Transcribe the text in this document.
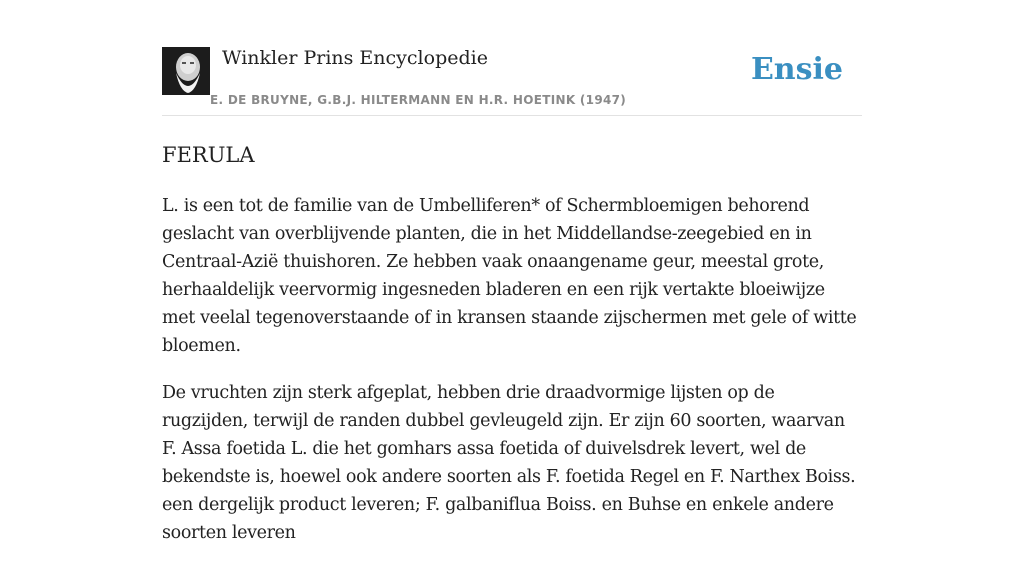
Winkler Prins Encyclopedie
E. DE BRUYNE, G.B.J. HILTERMANN EN H.R. HOETINK (1947)
Ensie
FERULA

L. is een tot de familie van de Umbelliferen* of Schermbloemigen behorend geslacht van overblijvende planten, die in het Middellandse-zeegebied en in Centraal-Azië thuishoren. Ze hebben vaak onaangename geur, meestal grote, herhaaldelijk veervormig ingesneden bladeren en een rijk vertakte bloeiwijze met veelal tegenoverstaande of in kransen staande zijschermen met gele of witte bloemen.

De vruchten zijn sterk afgeplat, hebben drie draadvormige lijsten op de rugzijden, terwijl de randen dubbel gevleugeld zijn. Er zijn 60 soorten, waarvan F. Assa foetida L. die het gomhars assa foetida of duivelsdrek levert, wel de bekendste is, hoewel ook andere soorten als F. foetida Regel en F. Narthex Boiss. een dergelijk product leveren; F. galbaniflua Boiss. en Buhse en enkele andere soorten leveren
